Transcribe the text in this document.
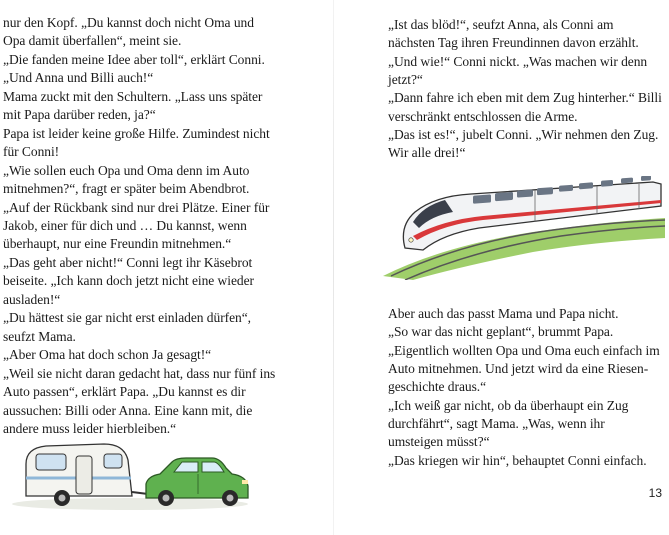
nur den Kopf. „Du kannst doch nicht Oma und
Opa damit überfallen“, meint sie.
„Die fanden meine Idee aber toll“, erklärt Conni.
„Und Anna und Billi auch!“
Mama zuckt mit den Schultern. „Lass uns später
mit Papa darüber reden, ja?“
Papa ist leider keine große Hilfe. Zumindest nicht
für Conni!
„Wie sollen euch Opa und Oma denn im Auto
mitnehmen?“, fragt er später beim Abendbrot.
„Auf der Rückbank sind nur drei Plätze. Einer für
Jakob, einer für dich und … Du kannst, wenn
überhaupt, nur eine Freundin mitnehmen.“
„Das geht aber nicht!“ Conni legt ihr Käsebrot
beiseite. „Ich kann doch jetzt nicht eine wieder
ausladen!“
„Du hättest sie gar nicht erst einladen dürfen“,
seufzt Mama.
„Aber Oma hat doch schon Ja gesagt!“
„Weil sie nicht daran gedacht hat, dass nur fünf ins
Auto passen“, erklärt Papa. „Du kannst es dir
aussuchen: Billi oder Anna. Eine kann mit, die
andere muss leider hierbleiben.“
„Ist das blöd!“, seufzt Anna, als Conni am
nächsten Tag ihren Freundinnen davon erzählt.
„Und wie!“ Conni nickt. „Was machen wir denn
jetzt?“
„Dann fahre ich eben mit dem Zug hinterher.“ Billi
verschränkt entschlossen die Arme.
„Das ist es!“, jubelt Conni. „Wir nehmen den Zug.
Wir alle drei!“
Aber auch das passt Mama und Papa nicht.
„So war das nicht geplant“, brummt Papa.
„Eigentlich wollten Opa und Oma euch einfach im
Auto mitnehmen. Und jetzt wird da eine Riesen-
geschichte draus.“
„Ich weiß gar nicht, ob da überhaupt ein Zug
durchfährt“, sagt Mama. „Was, wenn ihr
umsteigen müsst?“
„Das kriegen wir hin“, behauptet Conni einfach.
13
